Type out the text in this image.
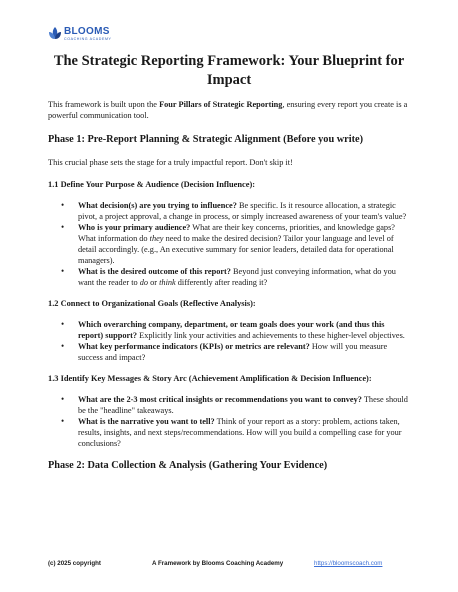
BLOOMS
COACHING ACADEMY
The Strategic Reporting Framework: Your Blueprint for Impact

This framework is built upon the Four Pillars of Strategic Reporting, ensuring every report you create is a powerful communication tool.

Phase 1: Pre-Report Planning & Strategic Alignment (Before you write)

This crucial phase sets the stage for a truly impactful report. Don't skip it!

1.1 Define Your Purpose & Audience (Decision Influence):
• What decision(s) are you trying to influence? Be specific. Is it resource allocation, a strategic pivot, a project approval, a change in process, or simply increased awareness of your team's value?
• Who is your primary audience? What are their key concerns, priorities, and knowledge gaps? What information do they need to make the desired decision? Tailor your language and level of detail accordingly. (e.g., An executive summary for senior leaders, detailed data for operational managers).
• What is the desired outcome of this report? Beyond just conveying information, what do you want the reader to do or think differently after reading it?
1.2 Connect to Organizational Goals (Reflective Analysis):
• Which overarching company, department, or team goals does your work (and thus this report) support? Explicitly link your activities and achievements to these higher-level objectives.
• What key performance indicators (KPIs) or metrics are relevant? How will you measure success and impact?
1.3 Identify Key Messages & Story Arc (Achievement Amplification & Decision Influence):
• What are the 2-3 most critical insights or recommendations you want to convey? These should be the "headline" takeaways.
• What is the narrative you want to tell? Think of your report as a story: problem, actions taken, results, insights, and next steps/recommendations. How will you build a compelling case for your conclusions?
Phase 2: Data Collection & Analysis (Gathering Your Evidence)
(c) 2025 copyright	A Framework by Blooms Coaching Academy	https://bloomscoach.com
